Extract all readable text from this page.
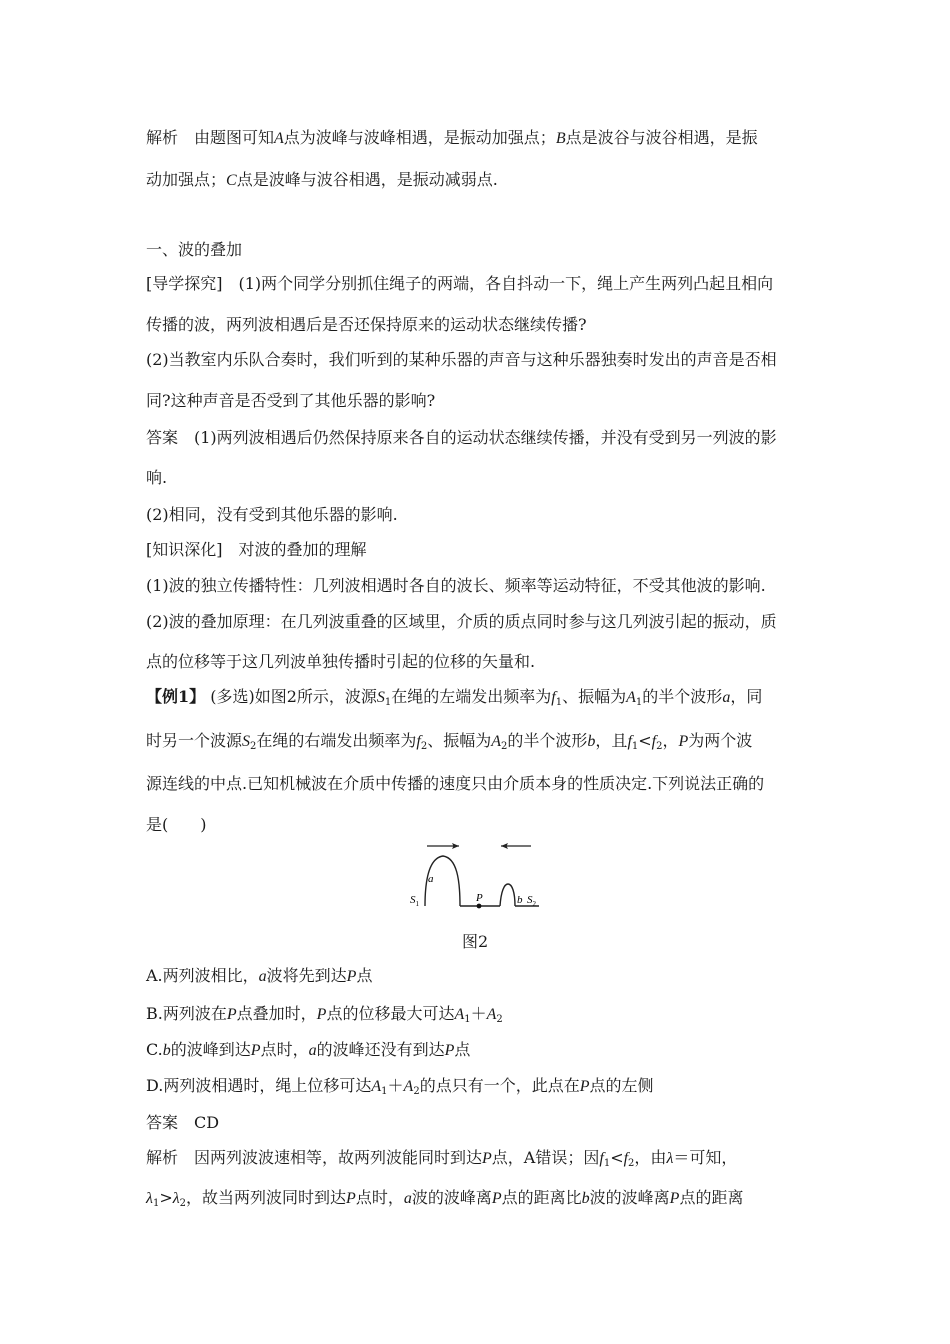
解析　由题图可知A点为波峰与波峰相遇，是振动加强点；B点是波谷与波谷相遇，是振
动加强点；C点是波峰与波谷相遇，是振动减弱点.
一、波的叠加
[导学探究]　(1)两个同学分别抓住绳子的两端，各自抖动一下，绳上产生两列凸起且相向
传播的波，两列波相遇后是否还保持原来的运动状态继续传播?
(2)当教室内乐队合奏时，我们听到的某种乐器的声音与这种乐器独奏时发出的声音是否相
同?这种声音是否受到了其他乐器的影响?
答案　(1)两列波相遇后仍然保持原来各自的运动状态继续传播，并没有受到另一列波的影
响.
(2)相同，没有受到其他乐器的影响.
[知识深化]　对波的叠加的理解
(1)波的独立传播特性：几列波相遇时各自的波长、频率等运动特征，不受其他波的影响.
(2)波的叠加原理：在几列波重叠的区域里，介质的质点同时参与这几列波引起的振动，质
点的位移等于这几列波单独传播时引起的位移的矢量和.
【例1】 (多选)如图2所示，波源$S_1$在绳的左端发出频率为$f_1$、振幅为$A_1$的半个波形a，同
时另一个波源$S_2$在绳的右端发出频率为$f_2$、振幅为$A_2$的半个波形b，且$f_1<f_2$，P为两个波
源连线的中点.已知机械波在介质中传播的速度只由介质本身的性质决定.下列说法正确的
是(　　)
a
P	b
$S_1$	$S_2$
图2
A.两列波相比，a波将先到达P点
B.两列波在P点叠加时，P点的位移最大可达$A_1+A_2$
C.b的波峰到达P点时，a的波峰还没有到达P点
D.两列波相遇时，绳上位移可达$A_1+A_2$的点只有一个，此点在P点的左侧
答案　CD
解析　因两列波波速相等，故两列波能同时到达P点，A错误；因$f_1<f_2$，由λ＝可知，
$\lambda_1>\lambda_2$，故当两列波同时到达P点时，a波的波峰离P点的距离比b波的波峰离P点的距离
